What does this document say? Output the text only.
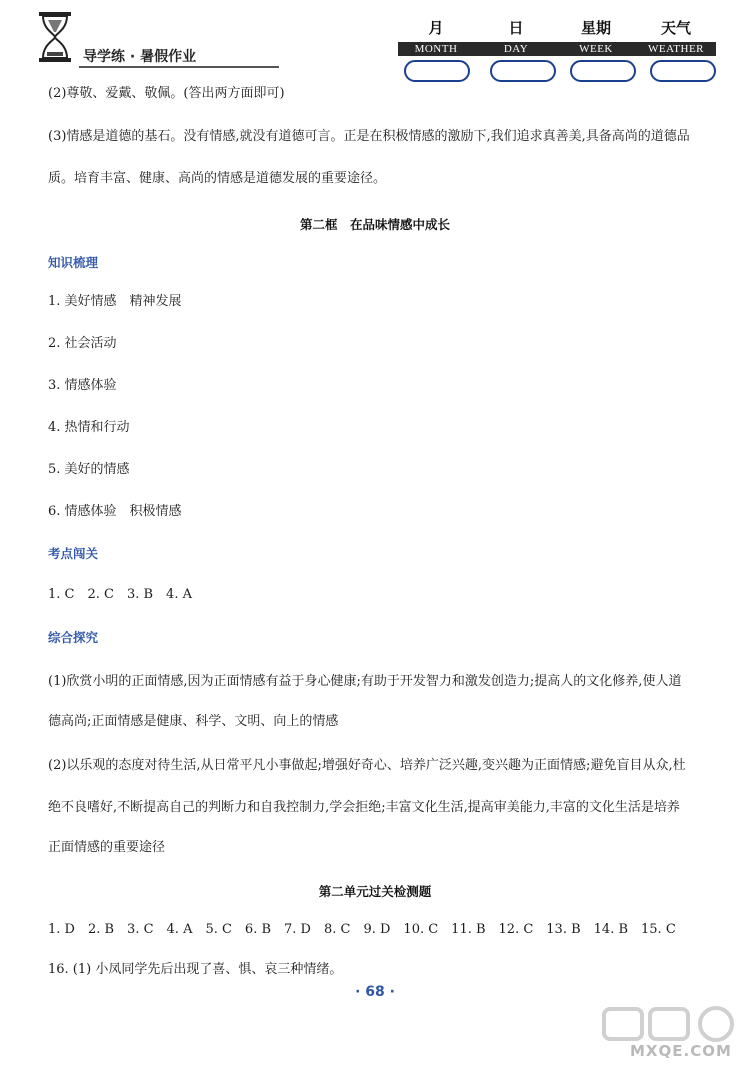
导学练 · 暑假作业
月	日	星期	天气
MONTH	DAY	WEEK	WEATHER
(2)尊敬、爱戴、敬佩。(答出两方面即可)
(3)情感是道德的基石。没有情感,就没有道德可言。正是在积极情感的激励下,我们追求真善美,具备高尚的道德品
质。培育丰富、健康、高尚的情感是道德发展的重要途径。
第二框　在品味情感中成长
知识梳理
1. 美好情感　精神发展
2. 社会活动
3. 情感体验
4. 热情和行动
5. 美好的情感
6. 情感体验　积极情感
考点闯关
1. C　2. C　3. B　4. A
综合探究
(1)欣赏小明的正面情感,因为正面情感有益于身心健康;有助于开发智力和激发创造力;提高人的文化修养,使人道
德高尚;正面情感是健康、科学、文明、向上的情感
(2)以乐观的态度对待生活,从日常平凡小事做起;增强好奇心、培养广泛兴趣,变兴趣为正面情感;避免盲目从众,杜
绝不良嗜好,不断提高自己的判断力和自我控制力,学会拒绝;丰富文化生活,提高审美能力,丰富的文化生活是培养
正面情感的重要途径
第二单元过关检测题
1. D　2. B　3. C　4. A　5. C　6. B　7. D　8. C　9. D　10. C　11. B　12. C　13. B　14. B　15. C
16. (1) 小凤同学先后出现了喜、惧、哀三种情绪。
· 68 ·
MXQE.COM
